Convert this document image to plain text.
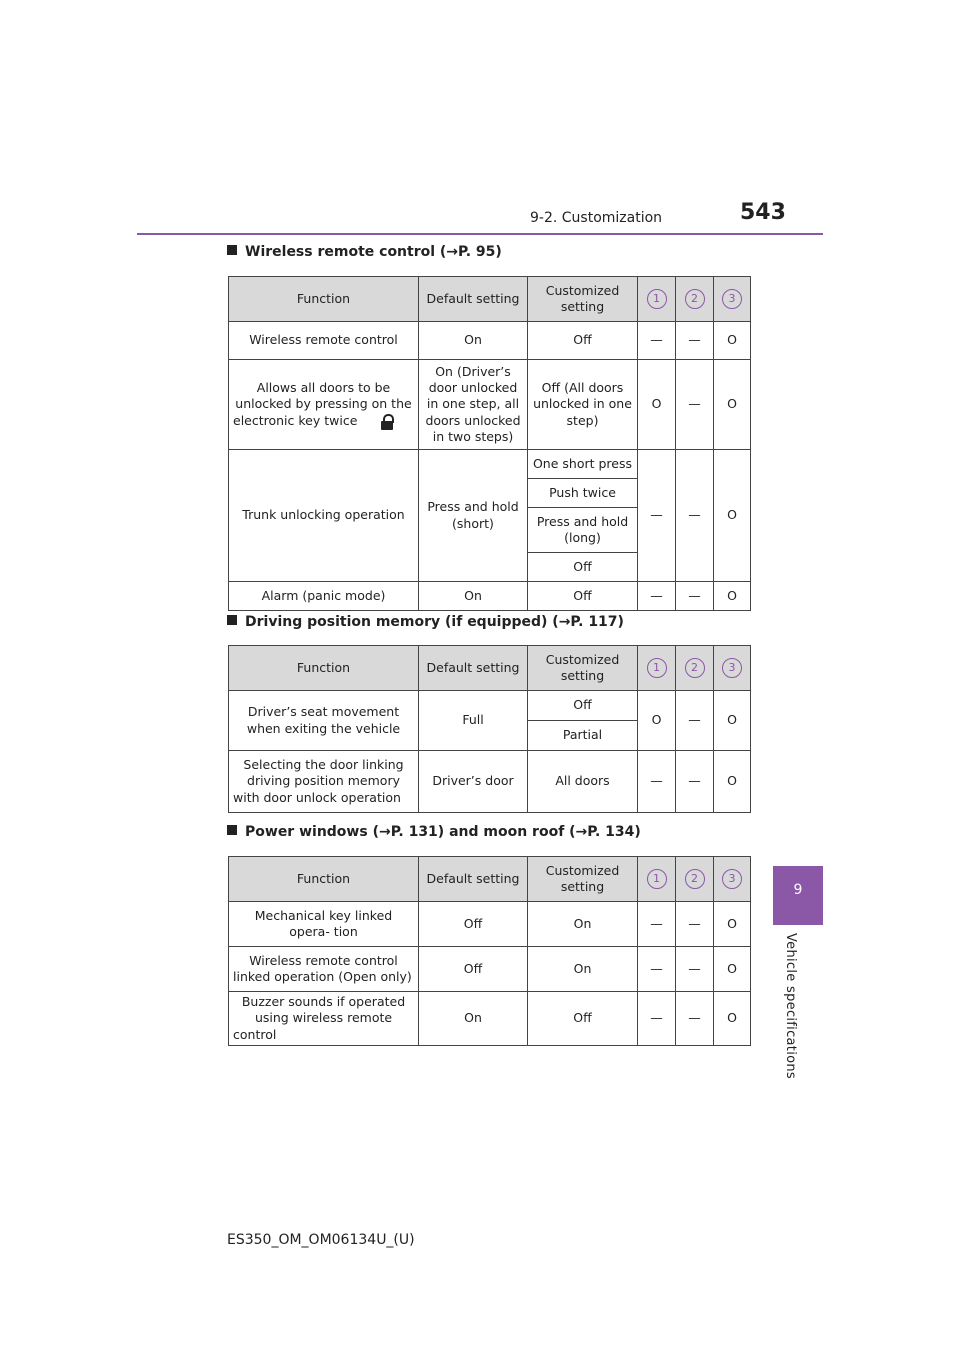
9-2. Customization	543
9
Vehicle specifications
Wireless remote control (→P. 95)
Function	Default setting	Customized setting	1	2	3
Wireless remote control	On	Off	—	—	O
Allows all doors to be unlocked by pressing on the electronic key twice	On (Driver’s door unlocked in one step, all doors unlocked in two steps)	Off (All doors unlocked in one step)	O	—	O
Trunk unlocking operation	Press and hold (short)	One short press	—	—	O
		Push twice			
		Press and hold (long)			
		Off			
Alarm (panic mode)	On	Off	—	—	O
Driving position memory (if equipped) (→P. 117)
Function	Default setting	Customized setting	1	2	3
Driver’s seat movement when exiting the vehicle	Full	Off	O	—	O
		Partial			
Selecting the door linking driving position memory with door unlock operation	Driver’s door	All doors	—	—	O
Power windows (→P. 131) and moon roof (→P. 134)
Function	Default setting	Customized setting	1	2	3
Mechanical key linked opera- tion	Off	On	—	—	O
Wireless remote control linked operation (Open only)	Off	On	—	—	O
Buzzer sounds if operated using wireless remote control	On	Off	—	—	O
ES350_OM_OM06134U_(U)
